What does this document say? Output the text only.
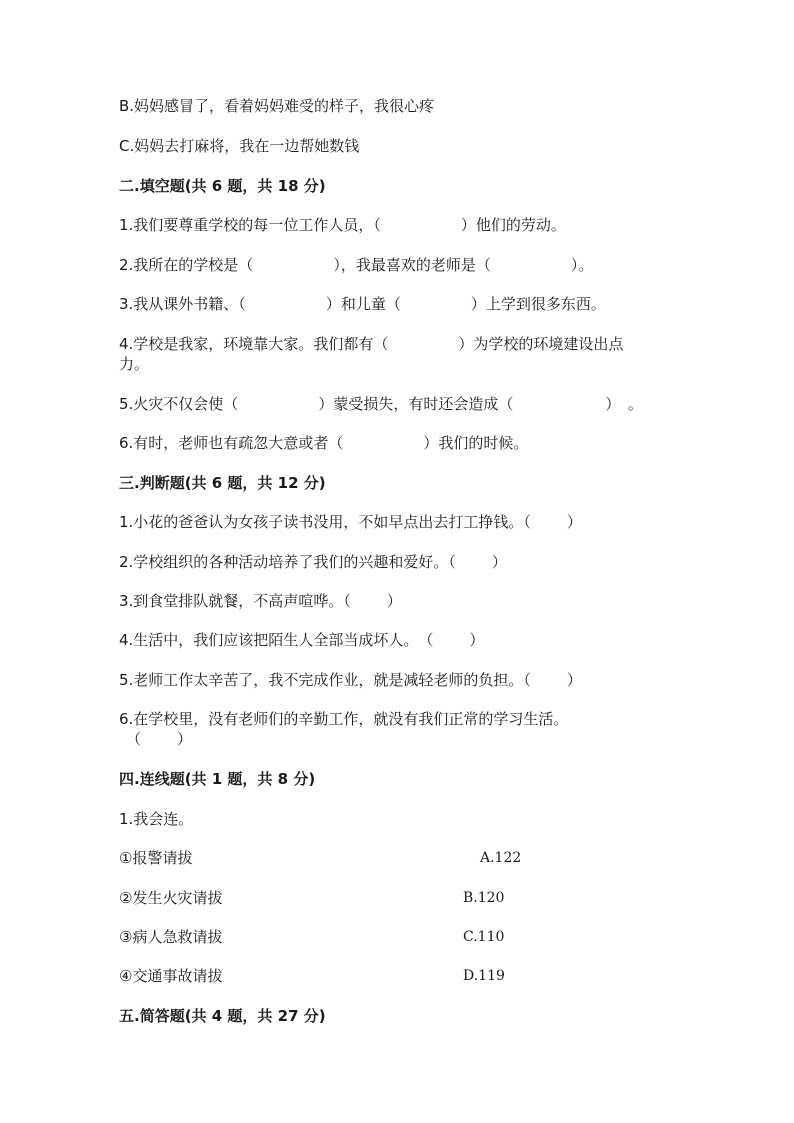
B.妈妈感冒了，看着妈妈难受的样子，我很心疼
C.妈妈去打麻将，我在一边帮她数钱
二.填空题(共 6 题，共 18 分)
1.我们要尊重学校的每一位工作人员，（	）他们的劳动。
2.我所在的学校是（	），我最喜欢的老师是（	）。
3.我从课外书籍、（	）和儿童（	）上学到很多东西。
4.学校是我家，环境靠大家。我们都有（	）为学校的环境建设出点
力。
5.火灾不仅会使（	）蒙受损失，有时还会造成（	）　。
6.有时，老师也有疏忽大意或者（	）我们的时候。
三.判断题(共 6 题，共 12 分)
1.小花的爸爸认为女孩子读书没用，不如早点出去打工挣钱。（ ）
2.学校组织的各种活动培养了我们的兴趣和爱好。（ ）
3.到食堂排队就餐，不高声喧哗。（ ）
4.生活中，我们应该把陌生人全部当成坏人。　（ ）
5.老师工作太辛苦了，我不完成作业，就是减轻老师的负担。（ ）
6.在学校里，没有老师们的辛勤工作，就没有我们正常的学习生活。
（ ）
四.连线题(共 1 题，共 8 分)
1.我会连。
①报警请拔	A.122
②发生火灾请拔	B.120
③病人急救请拔	C.110
④交通事故请拔	D.119
五.简答题(共 4 题，共 27 分)
